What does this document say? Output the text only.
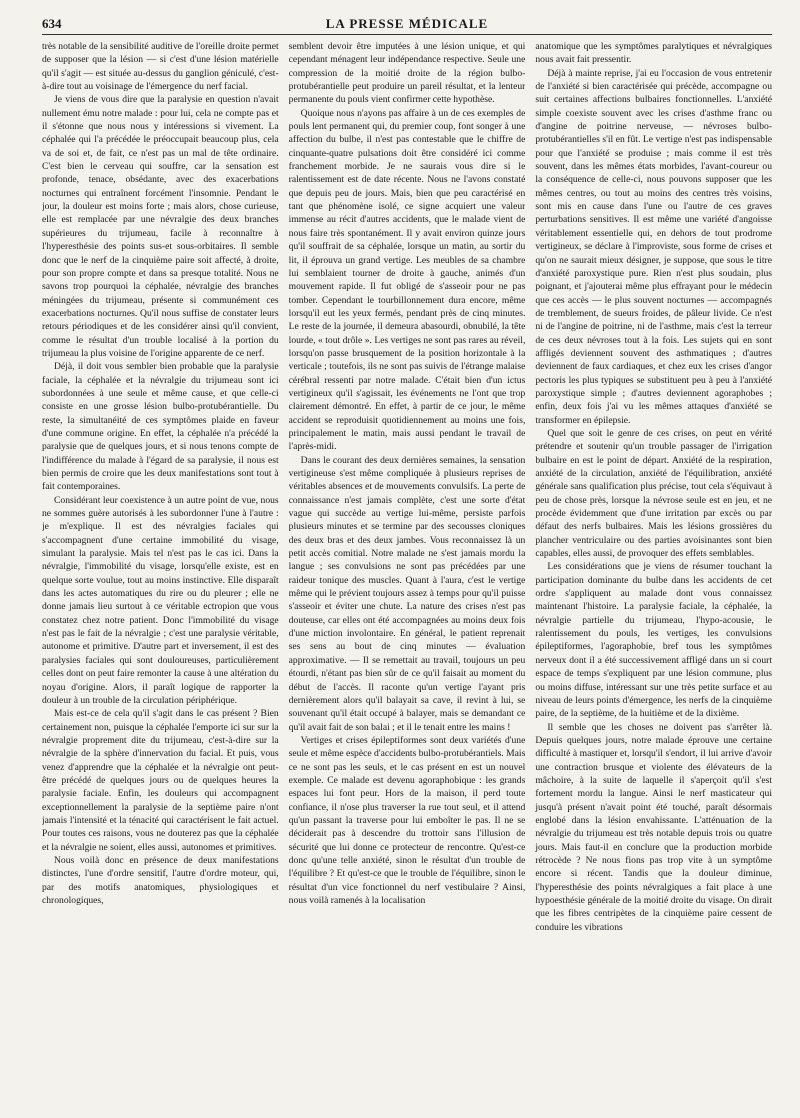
634	LA PRESSE MÉDICALE

très notable de la sensibilité auditive de l'oreille droite permet de supposer que la lésion — si c'est d'une lésion matérielle qu'il s'agit — est située au-dessus du ganglion géniculé, c'est-à-dire tout au voisinage de l'émergence du nerf facial.

Je viens de vous dire que la paralysie en question n'avait nullement ému notre malade : pour lui, cela ne compte pas et il s'étonne que nous nous y intéressions si vivement. La céphalée qui l'a précédée le préoccupait beaucoup plus, cela va de soi et, de fait, ce n'est pas un mal de tête ordinaire. C'est bien le cerveau qui souffre, car la sensation est profonde, tenace, obsédante, avec des exacerbations nocturnes qui entraînent forcément l'insomnie. Pendant le jour, la douleur est moins forte ; mais alors, chose curieuse, elle est remplacée par une névralgie des deux branches supérieures du trijumeau, facile à reconnaître à l'hyperesthésie des points sus-et sous-orbitaires. Il semble donc que le nerf de la cinquième paire soit affecté, à droite, pour son propre compte et dans sa presque totalité. Nous ne savons trop pourquoi la céphalée, névralgie des branches méningées du trijumeau, présente si communément ces exacerbations nocturnes. Qu'il nous suffise de constater leurs retours périodiques et de les considérer ainsi qu'il convient, comme le résultat d'un trouble localisé à la portion du trijumeau la plus voisine de l'origine apparente de ce nerf.

Déjà, il doit vous sembler bien probable que la paralysie faciale, la céphalée et la névralgie du trijumeau sont ici subordonnées à une seule et même cause, et que celle-ci consiste en une grosse lésion bulbo-protubérantielle. Du reste, la simultanéité de ces symptômes plaide en faveur d'une commune origine. En effet, la céphalée n'a précédé la paralysie que de quelques jours, et si nous tenons compte de l'indifférence du malade à l'égard de sa paralysie, il nous est bien permis de croire que les deux manifestations sont tout à fait contemporaines.

Considérant leur coexistence à un autre point de vue, nous ne sommes guère autorisés à les subordonner l'une à l'autre : je m'explique. Il est des névralgies faciales qui s'accompagnent d'une certaine immobilité du visage, simulant la paralysie. Mais tel n'est pas le cas ici. Dans la névralgie, l'immobilité du visage, lorsqu'elle existe, est en quelque sorte voulue, tout au moins instinctive. Elle disparaît dans les actes automatiques du rire ou du pleurer ; elle ne donne jamais lieu surtout à ce véritable ectropion que vous constatez chez notre patient. Donc l'immobilité du visage n'est pas le fait de la névralgie ; c'est une paralysie véritable, autonome et primitive. D'autre part et inversement, il est des paralysies faciales qui sont douloureuses, particulièrement celles dont on peut faire remonter la cause à une altération du noyau d'origine. Alors, il paraît logique de rapporter la douleur à un trouble de la circulation périphérique.

Mais est-ce de cela qu'il s'agit dans le cas présent ? Bien certainement non, puisque la céphalée l'emporte ici sur sur la névralgie proprement dite du trijumeau, c'est-à-dire sur la névralgie de la sphère d'innervation du facial. Et puis, vous venez d'apprendre que la céphalée et la névralgie ont peut-être précédé de quelques jours ou de quelques heures la paralysie faciale. Enfin, les douleurs qui accompagnent exceptionnellement la paralysie de la septième paire n'ont jamais l'intensité et la ténacité qui caractérisent le fait actuel. Pour toutes ces raisons, vous ne douterez pas que la céphalée et la névralgie ne soient, elles aussi, autonomes et primitives.

Nous voilà donc en présence de deux manifestations distinctes, l'une d'ordre sensitif, l'autre d'ordre moteur, qui, par des motifs anatomiques, physiologiques et chronologiques,

semblent devoir être imputées à une lésion unique, et qui cependant ménagent leur indépendance respective. Seule une compression de la moitié droite de la région bulbo-protubérantielle peut produire un pareil résultat, et la lenteur permanente du pouls vient confirmer cette hypothèse.

Quoique nous n'ayons pas affaire à un de ces exemples de pouls lent permanent qui, du premier coup, font songer à une affection du bulbe, il n'est pas contestable que le chiffre de cinquante-quatre pulsations doit être considéré ici comme franchement morbide. Je ne saurais vous dire si le ralentissement est de date récente. Nous ne l'avons constaté que depuis peu de jours. Mais, bien que peu caractérisé en tant que phénomène isolé, ce signe acquiert une valeur immense au récit d'autres accidents, que le malade vient de nous faire très spontanément. Il y avait environ quinze jours qu'il souffrait de sa céphalée, lorsque un matin, au sortir du lit, il éprouva un grand vertige. Les meubles de sa chambre lui semblaient tourner de droite à gauche, animés d'un mouvement rapide. Il fut obligé de s'asseoir pour ne pas tomber. Cependant le tourbillonnement dura encore, même lorsqu'il eut les yeux fermés, pendant près de cinq minutes. Le reste de la journée, il demeura abasourdi, obnubilé, la tête lourde, « tout drôle ». Les vertiges ne sont pas rares au réveil, lorsqu'on passe brusquement de la position horizontale à la verticale ; toutefois, ils ne sont pas suivis de l'étrange malaise cérébral ressenti par notre malade. C'était bien d'un ictus vertigineux qu'il s'agissait, les événements ne l'ont que trop clairement démontré. En effet, à partir de ce jour, le même accident se reproduisit quotidiennement au moins une fois, principalement le matin, mais aussi pendant le travail de l'après-midi.

Dans le courant des deux dernières semaines, la sensation vertigineuse s'est même compliquée à plusieurs reprises de véritables absences et de mouvements convulsifs. La perte de connaissance n'est jamais complète, c'est une sorte d'état vague qui succède au vertige lui-même, persiste parfois plusieurs minutes et se termine par des secousses cloniques des deux bras et des deux jambes. Vous reconnaissez là un petit accès comitial. Notre malade ne s'est jamais mordu la langue ; ses convulsions ne sont pas précédées par une raideur tonique des muscles. Quant à l'aura, c'est le vertige même qui le prévient toujours assez à temps pour qu'il puisse s'asseoir et éviter une chute. La nature des crises n'est pas douteuse, car elles ont été accompagnées au moins deux fois d'une miction involontaire. En général, le patient reprenait ses sens au bout de cinq minutes — évaluation approximative. — Il se remettait au travail, toujours un peu étourdi, n'étant pas bien sûr de ce qu'il faisait au moment du début de l'accès. Il raconte qu'un vertige l'ayant pris dernièrement alors qu'il balayait sa cave, il revint à lui, se souvenant qu'il était occupé à balayer, mais se demandant ce qu'il avait fait de son balai ; et il le tenait entre les mains !

Vertiges et crises épileptiformes sont deux variétés d'une seule et même espèce d'accidents bulbo-protubérantiels. Mais ce ne sont pas les seuls, et le cas présent en est un nouvel exemple. Ce malade est devenu agoraphobique : les grands espaces lui font peur. Hors de la maison, il perd toute confiance, il n'ose plus traverser la rue tout seul, et il attend qu'un passant la traverse pour lui emboîter le pas. Il ne se déciderait pas à descendre du trottoir sans l'illusion de sécurité que lui donne ce protecteur de rencontre. Qu'est-ce donc qu'une telle anxiété, sinon le résultat d'un trouble de l'équilibre ? Et qu'est-ce que le trouble de l'équilibre, sinon le résultat d'un vice fonctionnel du nerf vestibulaire ? Ainsi, nous voilà ramenés à la localisation

anatomique que les symptômes paralytiques et névralgiques nous avait fait pressentir.

Déjà à mainte reprise, j'ai eu l'occasion de vous entretenir de l'anxiété si bien caractérisée qui précède, accompagne ou suit certaines affections bulbaires fonctionnelles. L'anxiété simple coexiste souvent avec les crises d'asthme franc ou d'angine de poitrine nerveuse, — névroses bulbo-protubérantielles s'il en fût. Le vertige n'est pas indispensable pour que l'anxiété se produise ; mais comme il est très souvent, dans les mêmes états morbides, l'avant-coureur ou la conséquence de celle-ci, nous pouvons supposer que les mêmes centres, ou tout au moins des centres très voisins, sont mis en cause dans l'une ou l'autre de ces graves perturbations sensitives. Il est même une variété d'angoisse véritablement essentielle qui, en dehors de tout prodrome vertigineux, se déclare à l'improviste, sous forme de crises et qu'on ne saurait mieux désigner, je suppose, que sous le titre d'anxiété paroxystique pure. Rien n'est plus soudain, plus poignant, et j'ajouterai même plus effrayant pour le médecin que ces accès — le plus souvent nocturnes — accompagnés de tremblement, de sueurs froides, de pâleur livide. Ce n'est ni de l'angine de poitrine, ni de l'asthme, mais c'est la terreur de ces deux névroses tout à la fois. Les sujets qui en sont affligés deviennent souvent des asthmatiques ; d'autres deviennent de faux cardiaques, et chez eux les crises d'angor pectoris les plus typiques se substituent peu à peu à l'anxiété paroxystique simple ; d'autres deviennent agoraphobes ; enfin, deux fois j'ai vu les mêmes attaques d'anxiété se transformer en épilepsie.

Quel que soit le genre de ces crises, on peut en vérité prétendre et soutenir qu'un trouble passager de l'irrigation bulbaire en est le point de départ. Anxiété de la respiration, anxiété de la circulation, anxiété de l'équilibration, anxiété générale sans qualification plus précise, tout cela s'équivaut à peu de chose près, lorsque la névrose seule est en jeu, et ne procède évidemment que d'une irritation par excès ou par défaut des nerfs bulbaires. Mais les lésions grossières du plancher ventriculaire ou des parties avoisinantes sont bien capables, elles aussi, de provoquer des effets semblables.

Les considérations que je viens de résumer touchant la participation dominante du bulbe dans les accidents de cet ordre s'appliquent au malade dont vous connaissez maintenant l'histoire. La paralysie faciale, la céphalée, la névralgie partielle du trijumeau, l'hypo-acousie, le ralentissement du pouls, les vertiges, les convulsions épileptiformes, l'agoraphobie, bref tous les symptômes nerveux dont il a été successivement affligé dans un si court espace de temps s'expliquent par une lésion commune, plus ou moins diffuse, intéressant sur une très petite surface et au niveau de leurs points d'émergence, les nerfs de la cinquième paire, de la septième, de la huitième et de la dixième.

Il semble que les choses ne doivent pas s'arrêter là. Depuis quelques jours, notre malade éprouve une certaine difficulté à mastiquer et, lorsqu'il s'endort, il lui arrive d'avoir une contraction brusque et violente des élévateurs de la mâchoire, à la suite de laquelle il s'aperçoit qu'il s'est fortement mordu la langue. Ainsi le nerf masticateur qui jusqu'à présent n'avait point été touché, paraît désormais englobé dans la lésion envahissante. L'atténuation de la névralgie du trijumeau est très notable depuis trois ou quatre jours. Mais faut-il en conclure que la production morbide rétrocède ? Ne nous fions pas trop vite à un symptôme encore si récent. Tandis que la douleur diminue, l'hyperesthésie des points névralgiques a fait place à une hypoesthésie générale de la moitié droite du visage. On dirait que les fibres centripètes de la cinquième paire cessent de conduire les vibrations
